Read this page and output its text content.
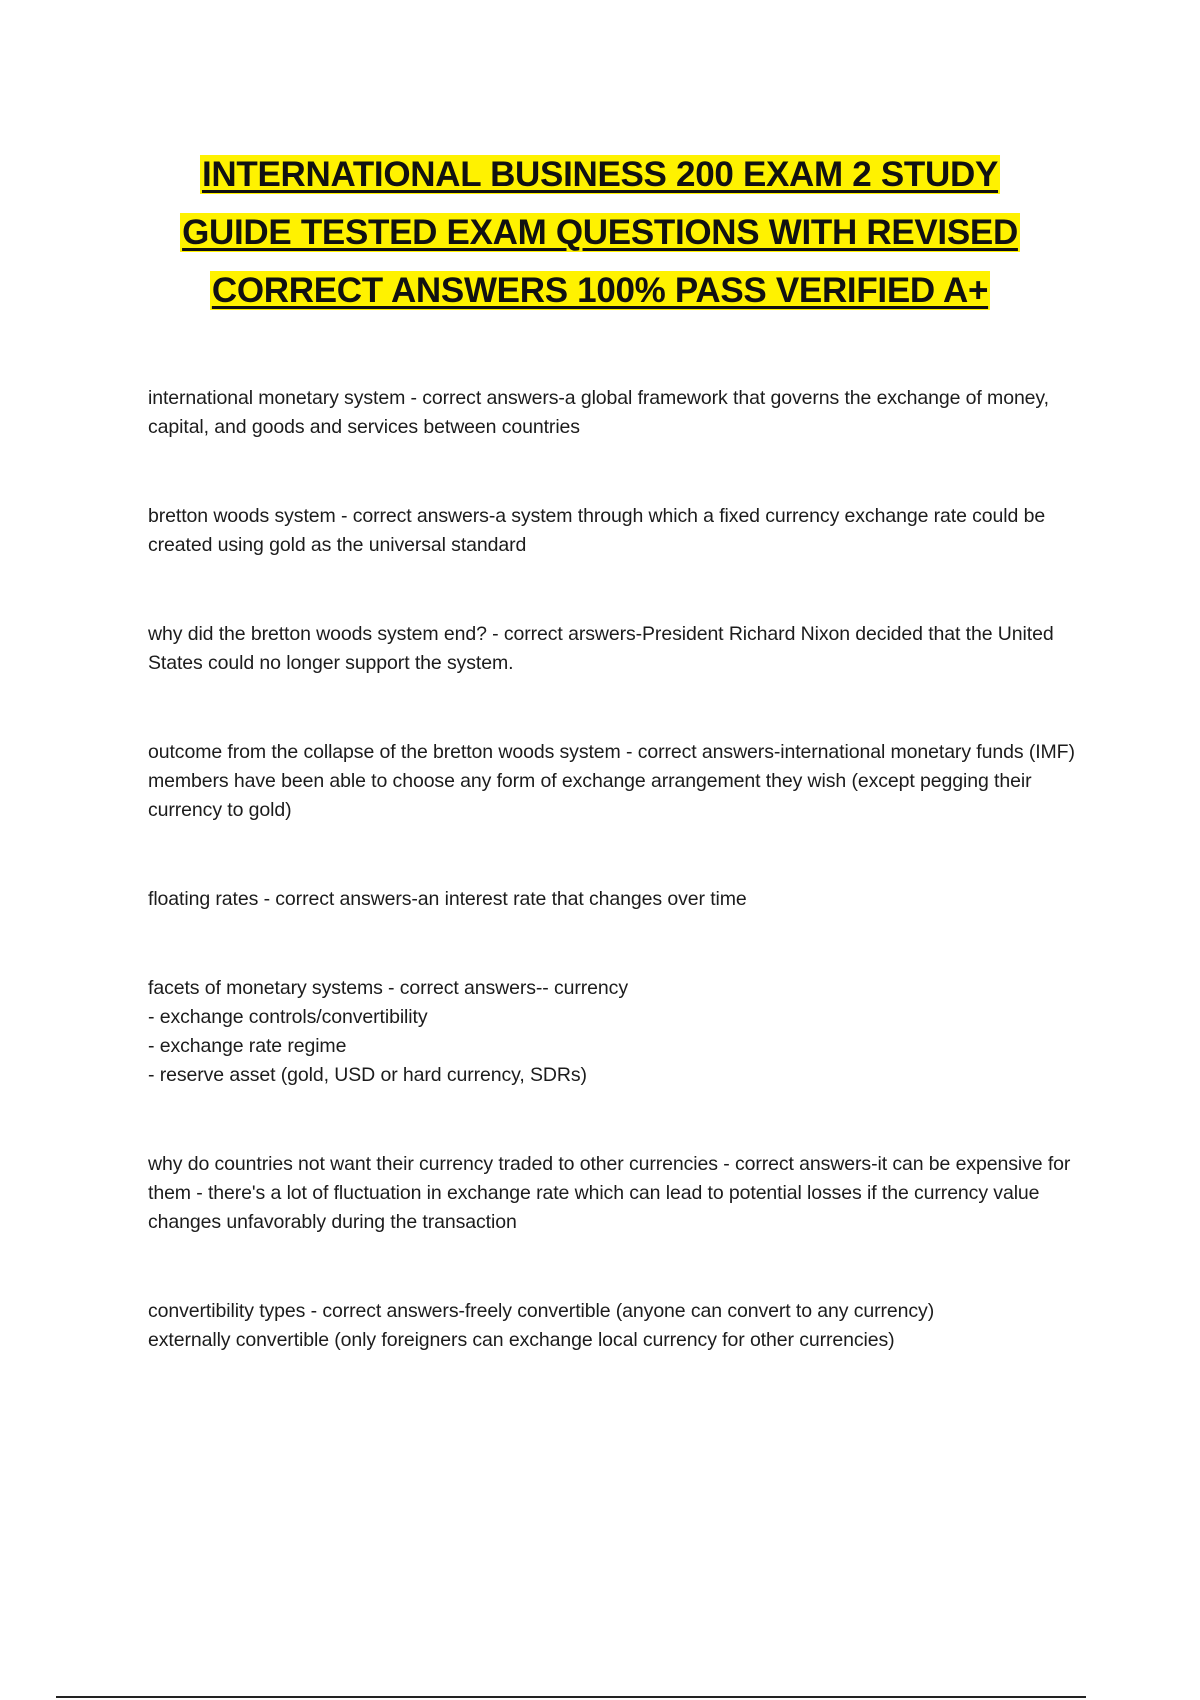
INTERNATIONAL BUSINESS 200 EXAM 2 STUDY
GUIDE TESTED EXAM QUESTIONS WITH REVISED
CORRECT ANSWERS 100% PASS VERIFIED A+

international monetary system - correct answers-a global framework that governs the exchange of money, capital, and goods and services between countries

bretton woods system - correct answers-a system through which a fixed currency exchange rate could be created using gold as the universal standard

why did the bretton woods system end? - correct arswers-President Richard Nixon decided that the United States could no longer support the system.

outcome from the collapse of the bretton woods system - correct answers-international monetary funds (IMF) members have been able to choose any form of exchange arrangement they wish (except pegging their currency to gold)

floating rates - correct answers-an interest rate that changes over time

facets of monetary systems - correct answers-- currency

- exchange controls/convertibility

- exchange rate regime

- reserve asset (gold, USD or hard currency, SDRs)

why do countries not want their currency traded to other currencies - correct answers-it can be expensive for them - there's a lot of fluctuation in exchange rate which can lead to potential losses if the currency value changes unfavorably during the transaction

convertibility types - correct answers-freely convertible (anyone can convert to any currency)

externally convertible (only foreigners can exchange local currency for other currencies)
